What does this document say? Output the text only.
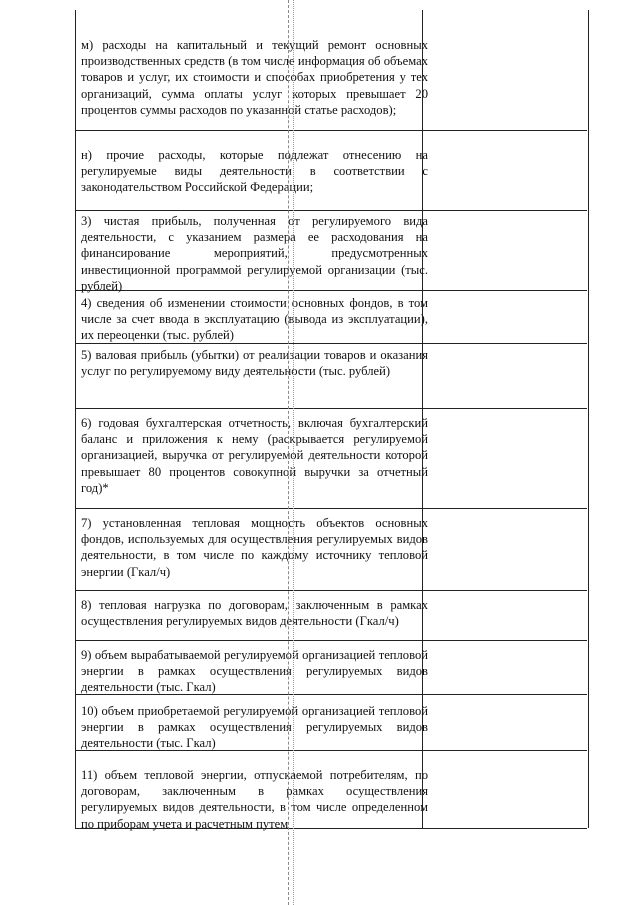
м) расходы на капитальный и текущий ремонт основных производственных средств (в том числе информация об объемах товаров и услуг, их стоимости и способах приобретения у тех организаций, сумма оплаты услуг которых превышает 20 процентов суммы расходов по указанной статье расходов);
н) прочие расходы, которые подлежат отнесению на регулируемые виды деятельности в соответствии с законодательством Российской Федерации;
3) чистая прибыль, полученная от регулируемого вида деятельности, с указанием размера ее расходования на финансирование мероприятий, предусмотренных инвестиционной программой регулируемой организации (тыс. рублей)
4) сведения об изменении стоимости основных фондов, в том числе за счет ввода в эксплуатацию (вывода из эксплуатации), их переоценки (тыс. рублей)
5) валовая прибыль (убытки) от реализации товаров и оказания услуг по регулируемому виду деятельности (тыс. рублей)
6) годовая бухгалтерская отчетность, включая бухгалтерский баланс и приложения к нему (раскрывается регулируемой организацией, выручка от регулируемой деятельности которой превышает 80 процентов совокупной выручки за отчетный год)*
7) установленная тепловая мощность объектов основных фондов, используемых для осуществления регулируемых видов деятельности, в том числе по каждому источнику тепловой энергии (Гкал/ч)
8) тепловая нагрузка по договорам, заключенным в рамках осуществления регулируемых видов деятельности (Гкал/ч)
9) объем вырабатываемой регулируемой организацией тепловой энергии в рамках осуществления регулируемых видов деятельности (тыс. Гкал)
10) объем приобретаемой регулируемой организацией тепловой энергии в рамках осуществления регулируемых видов деятельности (тыс. Гкал)
11) объем тепловой энергии, отпускаемой потребителям, по договорам, заключенным в рамках осуществления регулируемых видов деятельности, в том числе определенном по приборам учета и расчетным путем
